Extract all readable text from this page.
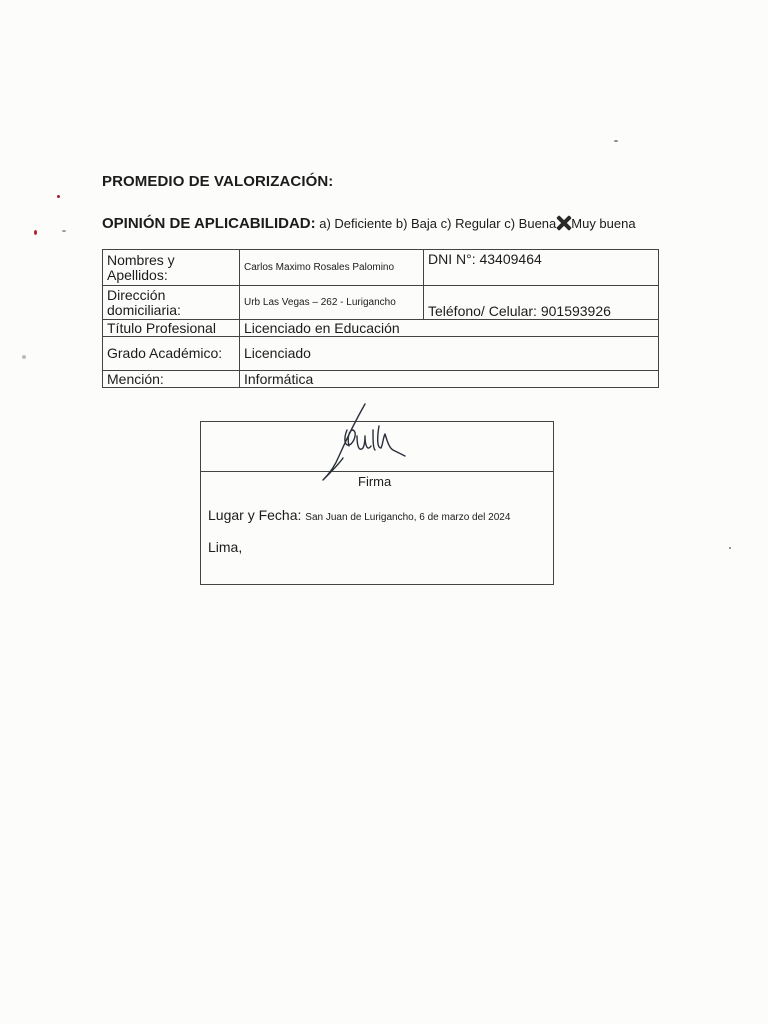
PROMEDIO DE VALORIZACIÓN:
OPINIÓN DE APLICABILIDAD: a) Deficiente b) Baja c) Regular c) Buena Muy buena
Nombres y Apellidos:	Carlos Maximo Rosales Palomino	DNI N°: 43409464
Dirección domiciliaria:	Urb Las Vegas – 262 - Lurigancho	Teléfono/ Celular: 901593926
Título Profesional	Licenciado en Educación	
Grado Académico:	Licenciado	
Mención:	Informática	
Firma
Lugar y Fecha: San Juan de Lurigancho, 6 de marzo del 2024
Lima,
